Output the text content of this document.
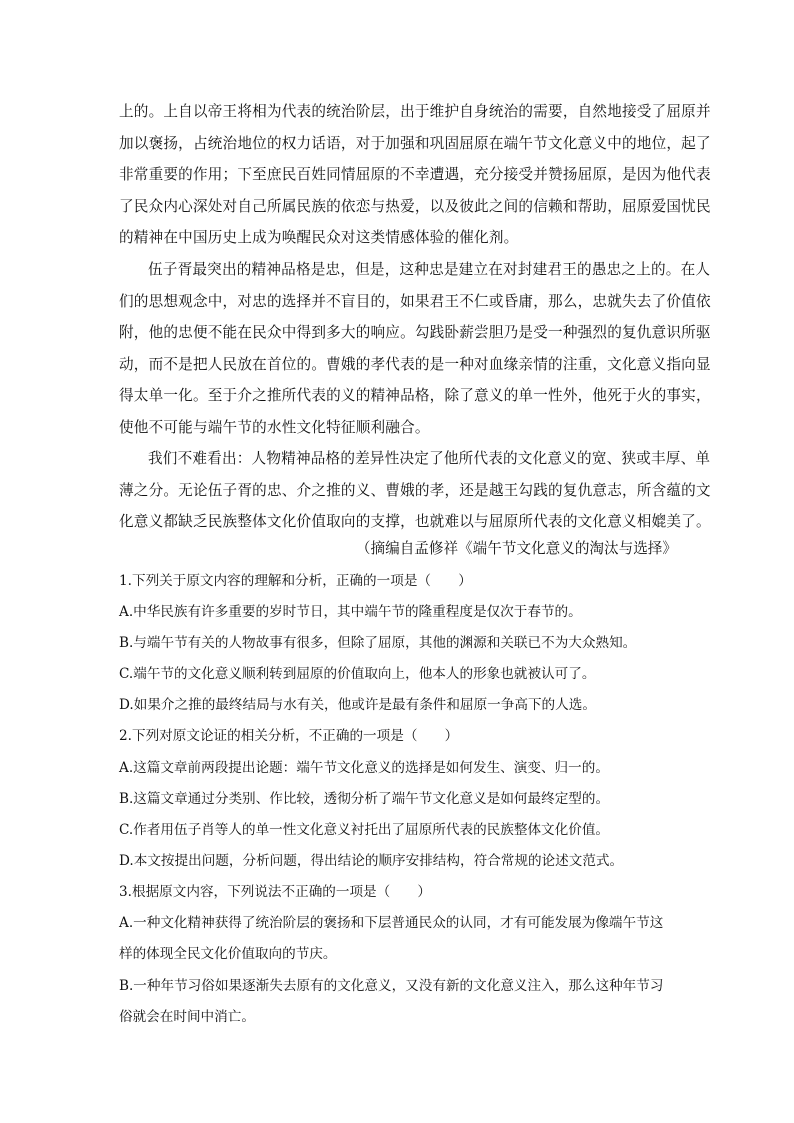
上的。上自以帝王将相为代表的统治阶层，出于维护自身统治的需要，自然地接受了屈原并
加以褒扬，占统治地位的权力话语，对于加强和巩固屈原在端午节文化意义中的地位，起了
非常重要的作用；下至庶民百姓同情屈原的不幸遭遇，充分接受并赞扬屈原，是因为他代表
了民众内心深处对自己所属民族的依恋与热爱，以及彼此之间的信赖和帮助，屈原爱国忧民
的精神在中国历史上成为唤醒民众对这类情感体验的催化剂。
伍子胥最突出的精神品格是忠，但是，这种忠是建立在对封建君王的愚忠之上的。在人
们的思想观念中，对忠的选择并不盲目的，如果君王不仁或昏庸，那么，忠就失去了价值依
附，他的忠便不能在民众中得到多大的响应。勾践卧薪尝胆乃是受一种强烈的复仇意识所驱
动，而不是把人民放在首位的。曹娥的孝代表的是一种对血缘亲情的注重，文化意义指向显
得太单一化。至于介之推所代表的义的精神品格，除了意义的单一性外，他死于火的事实，
使他不可能与端午节的水性文化特征顺利融合。
我们不难看出：人物精神品格的差异性决定了他所代表的文化意义的宽、狭或丰厚、单
薄之分。无论伍子胥的忠、介之推的义、曹娥的孝，还是越王勾践的复仇意志，所含蕴的文
化意义都缺乏民族整体文化价值取向的支撑，也就难以与屈原所代表的文化意义相媲美了。
（摘编自孟修祥《端午节文化意义的淘汰与选择》
1.下列关于原文内容的理解和分析，正确的一项是（　　）
A.中华民族有许多重要的岁时节日，其中端午节的隆重程度是仅次于春节的。
B.与端午节有关的人物故事有很多，但除了屈原，其他的渊源和关联已不为大众熟知。
C.端午节的文化意义顺利转到屈原的价值取向上，他本人的形象也就被认可了。
D.如果介之推的最终结局与水有关，他或许是最有条件和屈原一争高下的人选。
2.下列对原文论证的相关分析，不正确的一项是（　　）
A.这篇文章前两段提出论题：端午节文化意义的选择是如何发生、演变、归一的。
B.这篇文章通过分类别、作比较，透彻分析了端午节文化意义是如何最终定型的。
C.作者用伍子肖等人的单一性文化意义衬托出了屈原所代表的民族整体文化价值。
D.本文按提出问题，分析问题，得出结论的顺序安排结构，符合常规的论述文范式。
3.根据原文内容，下列说法不正确的一项是（　　）
A.一种文化精神获得了统治阶层的褒扬和下层普通民众的认同，才有可能发展为像端午节这
样的体现全民文化价值取向的节庆。
B.一种年节习俗如果逐渐失去原有的文化意义，又没有新的文化意义注入，那么这种年节习
俗就会在时间中消亡。
